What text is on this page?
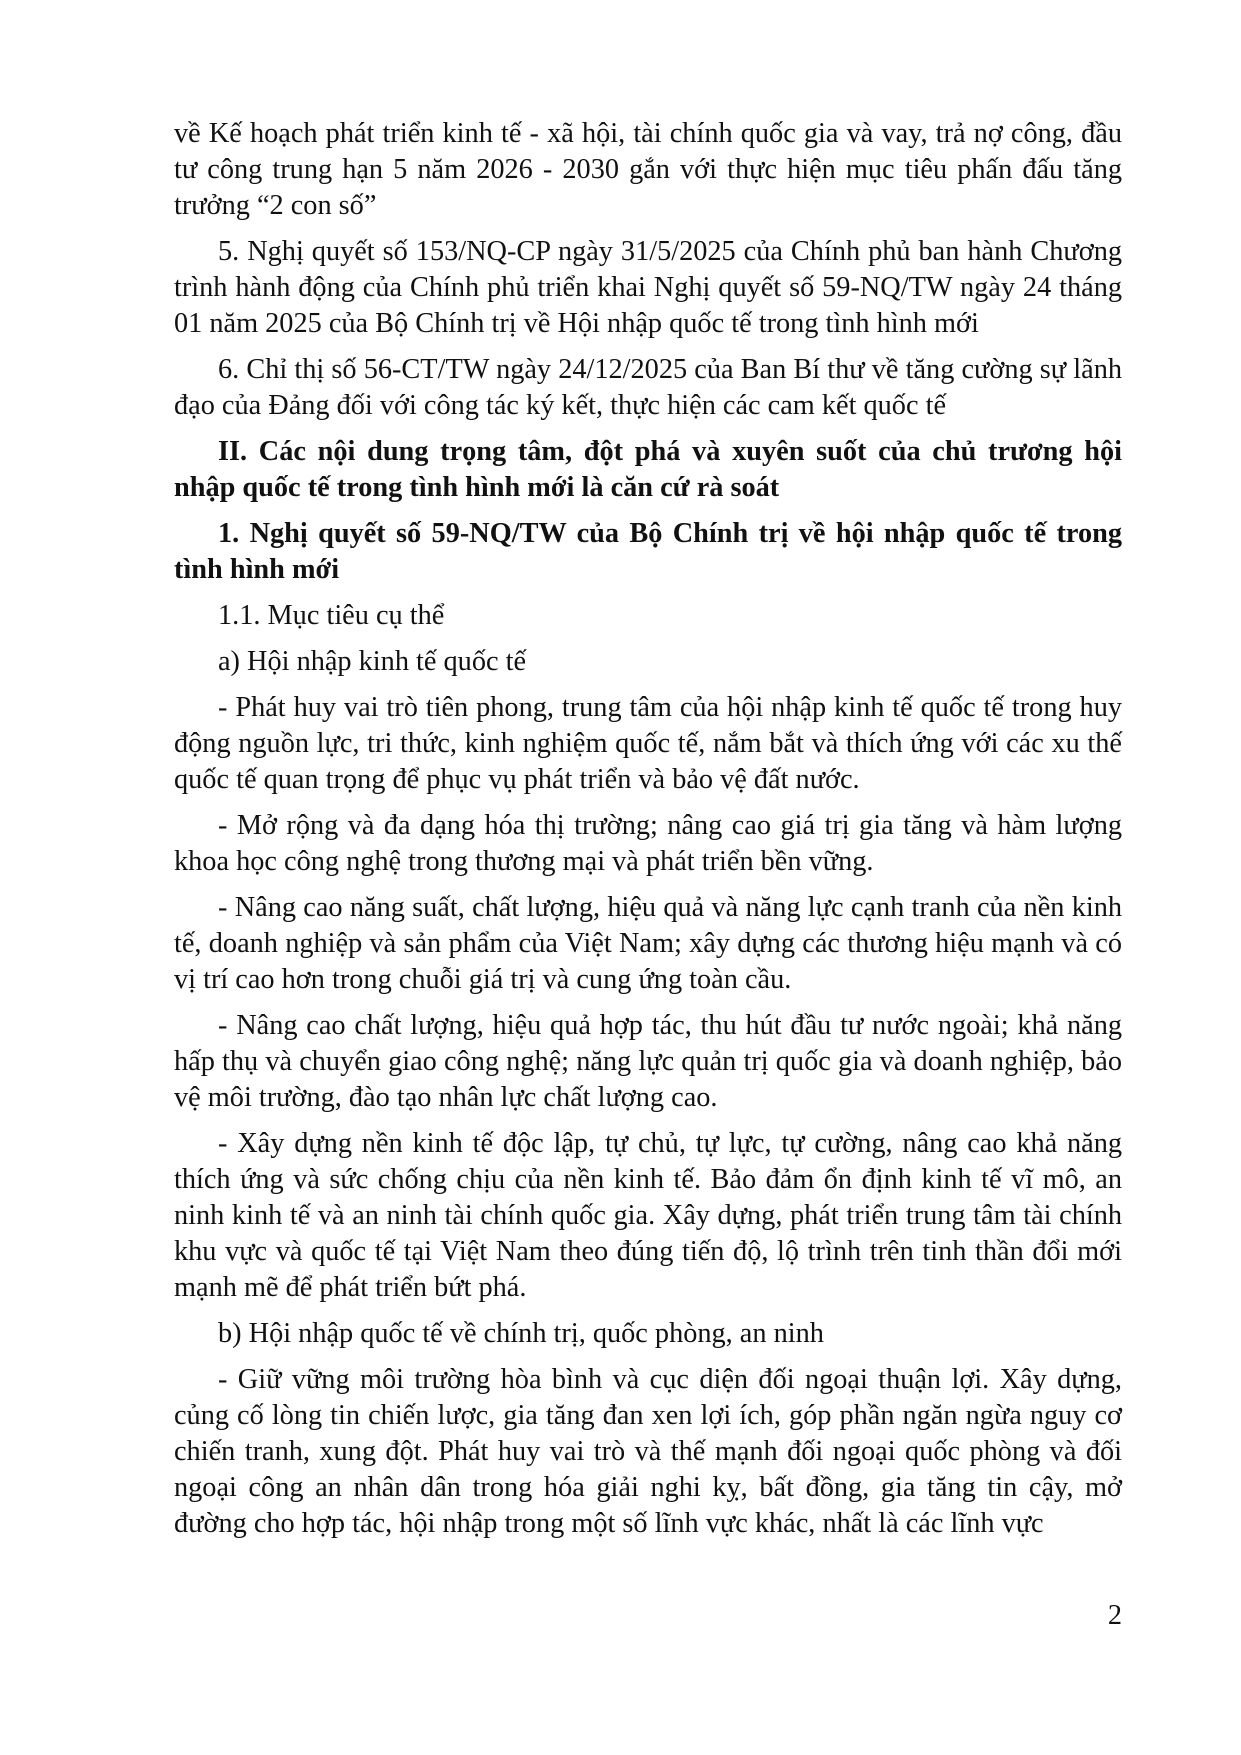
về Kế hoạch phát triển kinh tế - xã hội, tài chính quốc gia và vay, trả nợ công, đầu tư công trung hạn 5 năm 2026 - 2030 gắn với thực hiện mục tiêu phấn đấu tăng trưởng “2 con số”

5. Nghị quyết số 153/NQ-CP ngày 31/5/2025 của Chính phủ ban hành Chương trình hành động của Chính phủ triển khai Nghị quyết số 59-NQ/TW ngày 24 tháng 01 năm 2025 của Bộ Chính trị về Hội nhập quốc tế trong tình hình mới

6. Chỉ thị số 56-CT/TW ngày 24/12/2025 của Ban Bí thư về tăng cường sự lãnh đạo của Đảng đối với công tác ký kết, thực hiện các cam kết quốc tế

II. Các nội dung trọng tâm, đột phá và xuyên suốt của chủ trương hội nhập quốc tế trong tình hình mới là căn cứ rà soát

1. Nghị quyết số 59-NQ/TW của Bộ Chính trị về hội nhập quốc tế trong tình hình mới

1.1. Mục tiêu cụ thể

a) Hội nhập kinh tế quốc tế

- Phát huy vai trò tiên phong, trung tâm của hội nhập kinh tế quốc tế trong huy động nguồn lực, tri thức, kinh nghiệm quốc tế, nắm bắt và thích ứng với các xu thế quốc tế quan trọng để phục vụ phát triển và bảo vệ đất nước.

- Mở rộng và đa dạng hóa thị trường; nâng cao giá trị gia tăng và hàm lượng khoa học công nghệ trong thương mại và phát triển bền vững.

- Nâng cao năng suất, chất lượng, hiệu quả và năng lực cạnh tranh của nền kinh tế, doanh nghiệp và sản phẩm của Việt Nam; xây dựng các thương hiệu mạnh và có vị trí cao hơn trong chuỗi giá trị và cung ứng toàn cầu.

- Nâng cao chất lượng, hiệu quả hợp tác, thu hút đầu tư nước ngoài; khả năng hấp thụ và chuyển giao công nghệ; năng lực quản trị quốc gia và doanh nghiệp, bảo vệ môi trường, đào tạo nhân lực chất lượng cao.

- Xây dựng nền kinh tế độc lập, tự chủ, tự lực, tự cường, nâng cao khả năng thích ứng và sức chống chịu của nền kinh tế. Bảo đảm ổn định kinh tế vĩ mô, an ninh kinh tế và an ninh tài chính quốc gia. Xây dựng, phát triển trung tâm tài chính khu vực và quốc tế tại Việt Nam theo đúng tiến độ, lộ trình trên tinh thần đổi mới mạnh mẽ để phát triển bứt phá.

b) Hội nhập quốc tế về chính trị, quốc phòng, an ninh

- Giữ vững môi trường hòa bình và cục diện đối ngoại thuận lợi. Xây dựng, củng cố lòng tin chiến lược, gia tăng đan xen lợi ích, góp phần ngăn ngừa nguy cơ chiến tranh, xung đột. Phát huy vai trò và thế mạnh đối ngoại quốc phòng và đối ngoại công an nhân dân trong hóa giải nghi kỵ, bất đồng, gia tăng tin cậy, mở đường cho hợp tác, hội nhập trong một số lĩnh vực khác, nhất là các lĩnh vực

2
